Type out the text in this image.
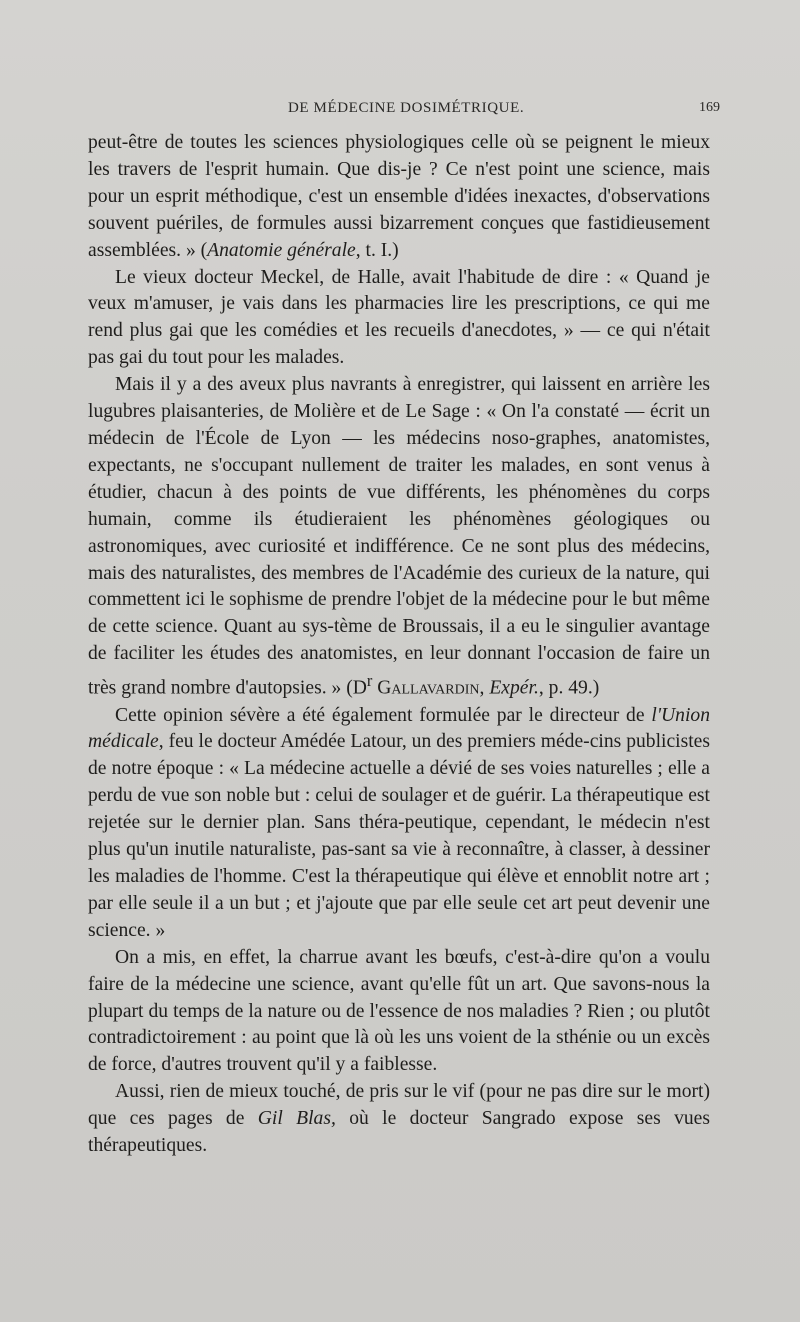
DE MÉDECINE DOSIMÉTRIQUE.	169

peut-être de toutes les sciences physiologiques celle où se peignent le mieux les travers de l'esprit humain. Que dis-je ? Ce n'est point une science, mais pour un esprit méthodique, c'est un ensemble d'idées inexactes, d'observations souvent puériles, de formules aussi bizarrement conçues que fastidieusement assemblées. » (Anatomie générale, t. I.)

Le vieux docteur Meckel, de Halle, avait l'habitude de dire : « Quand je veux m'amuser, je vais dans les pharmacies lire les prescriptions, ce qui me rend plus gai que les comédies et les recueils d'anecdotes, » — ce qui n'était pas gai du tout pour les malades.

Mais il y a des aveux plus navrants à enregistrer, qui laissent en arrière les lugubres plaisanteries, de Molière et de Le Sage : « On l'a constaté — écrit un médecin de l'École de Lyon — les médecins noso-graphes, anatomistes, expectants, ne s'occupant nullement de traiter les malades, en sont venus à étudier, chacun à des points de vue différents, les phénomènes du corps humain, comme ils étudieraient les phénomènes géologiques ou astronomiques, avec curiosité et indifférence. Ce ne sont plus des médecins, mais des naturalistes, des membres de l'Académie des curieux de la nature, qui commettent ici le sophisme de prendre l'objet de la médecine pour le but même de cette science. Quant au sys-tème de Broussais, il a eu le singulier avantage de faciliter les études des anatomistes, en leur donnant l'occasion de faire un très grand nombre d'autopsies. » ($D^r$ Gallavardin, Expér., p. 49.)

Cette opinion sévère a été également formulée par le directeur de l'Union médicale, feu le docteur Amédée Latour, un des premiers méde-cins publicistes de notre époque : « La médecine actuelle a dévié de ses voies naturelles ; elle a perdu de vue son noble but : celui de soulager et de guérir. La thérapeutique est rejetée sur le dernier plan. Sans théra-peutique, cependant, le médecin n'est plus qu'un inutile naturaliste, pas-sant sa vie à reconnaître, à classer, à dessiner les maladies de l'homme. C'est la thérapeutique qui élève et ennoblit notre art ; par elle seule il a un but ; et j'ajoute que par elle seule cet art peut devenir une science. »

On a mis, en effet, la charrue avant les bœufs, c'est-à-dire qu'on a voulu faire de la médecine une science, avant qu'elle fût un art. Que savons-nous la plupart du temps de la nature ou de l'essence de nos maladies ? Rien ; ou plutôt contradictoirement : au point que là où les uns voient de la sthénie ou un excès de force, d'autres trouvent qu'il y a faiblesse.

Aussi, rien de mieux touché, de pris sur le vif (pour ne pas dire sur le mort) que ces pages de Gil Blas, où le docteur Sangrado expose ses vues thérapeutiques.
